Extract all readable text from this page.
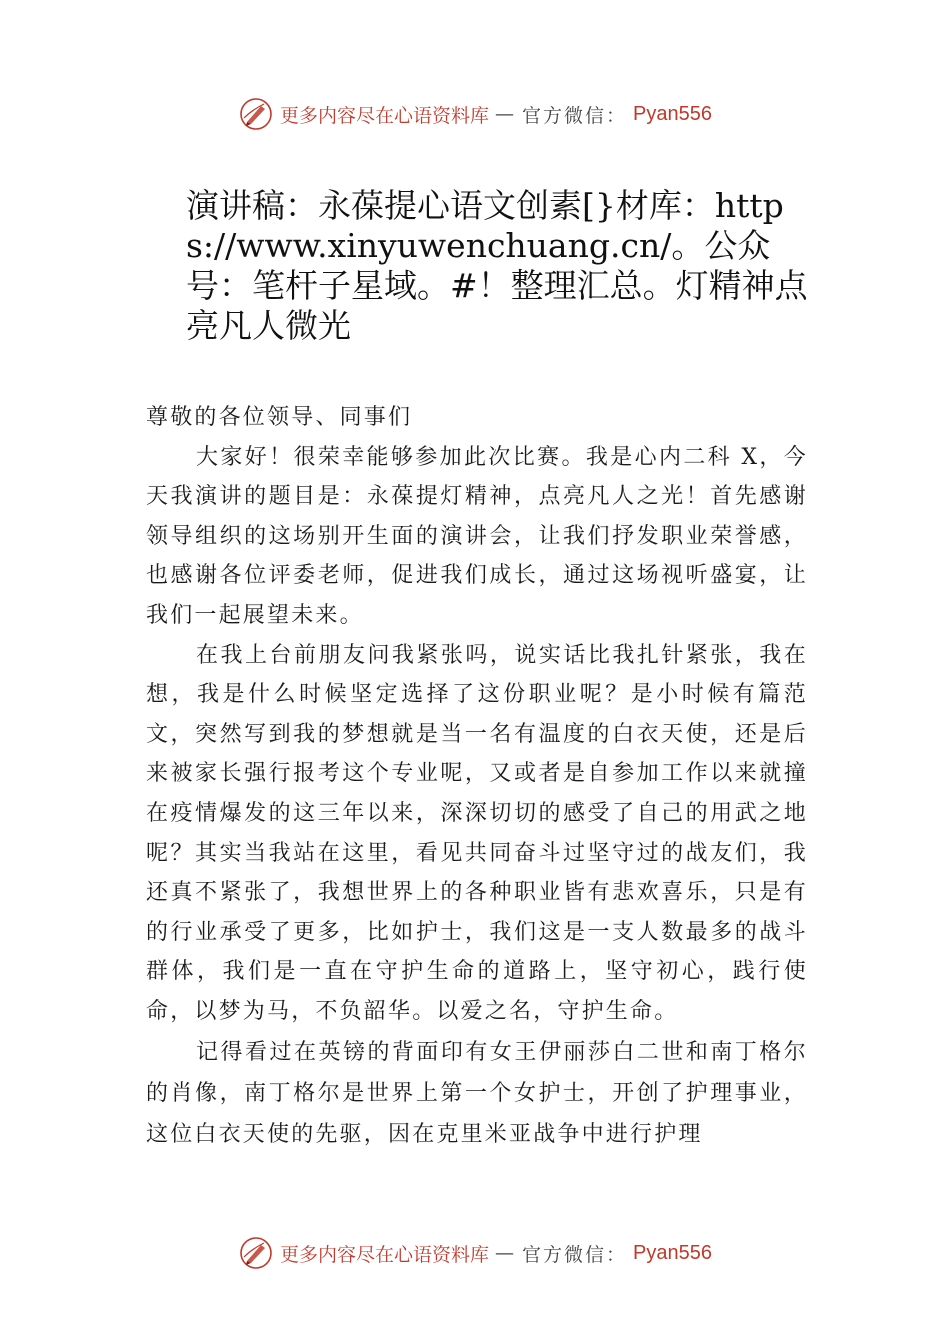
更多内容尽在心语资料库 — 官方微信： Pyan556
演讲稿：永葆提心语文创素[}材库：https://www.xinyuwenchuang.cn/。公众号：笔杆子星域。#！整理汇总。灯精神点亮凡人微光

尊敬的各位领导、同事们

大家好！很荣幸能够参加此次比赛。我是心内二科 X，今天我演讲的题目是：永葆提灯精神，点亮凡人之光！首先感谢领导组织的这场别开生面的演讲会，让我们抒发职业荣誉感，也感谢各位评委老师，促进我们成长，通过这场视听盛宴，让我们一起展望未来。

在我上台前朋友问我紧张吗，说实话比我扎针紧张，我在想，我是什么时候坚定选择了这份职业呢？是小时候有篇范文，突然写到我的梦想就是当一名有温度的白衣天使，还是后来被家长强行报考这个专业呢，又或者是自参加工作以来就撞在疫情爆发的这三年以来，深深切切的感受了自己的用武之地呢？其实当我站在这里，看见共同奋斗过坚守过的战友们，我还真不紧张了，我想世界上的各种职业皆有悲欢喜乐，只是有的行业承受了更多，比如护士，我们这是一支人数最多的战斗群体，我们是一直在守护生命的道路上，坚守初心，践行使命，以梦为马，不负韶华。以爱之名，守护生命。

记得看过在英镑的背面印有女王伊丽莎白二世和南丁格尔的肖像，南丁格尔是世界上第一个女护士，开创了护理事业，这位白衣天使的先驱，因在克里米亚战争中进行护理

更多内容尽在心语资料库 — 官方微信： Pyan556
